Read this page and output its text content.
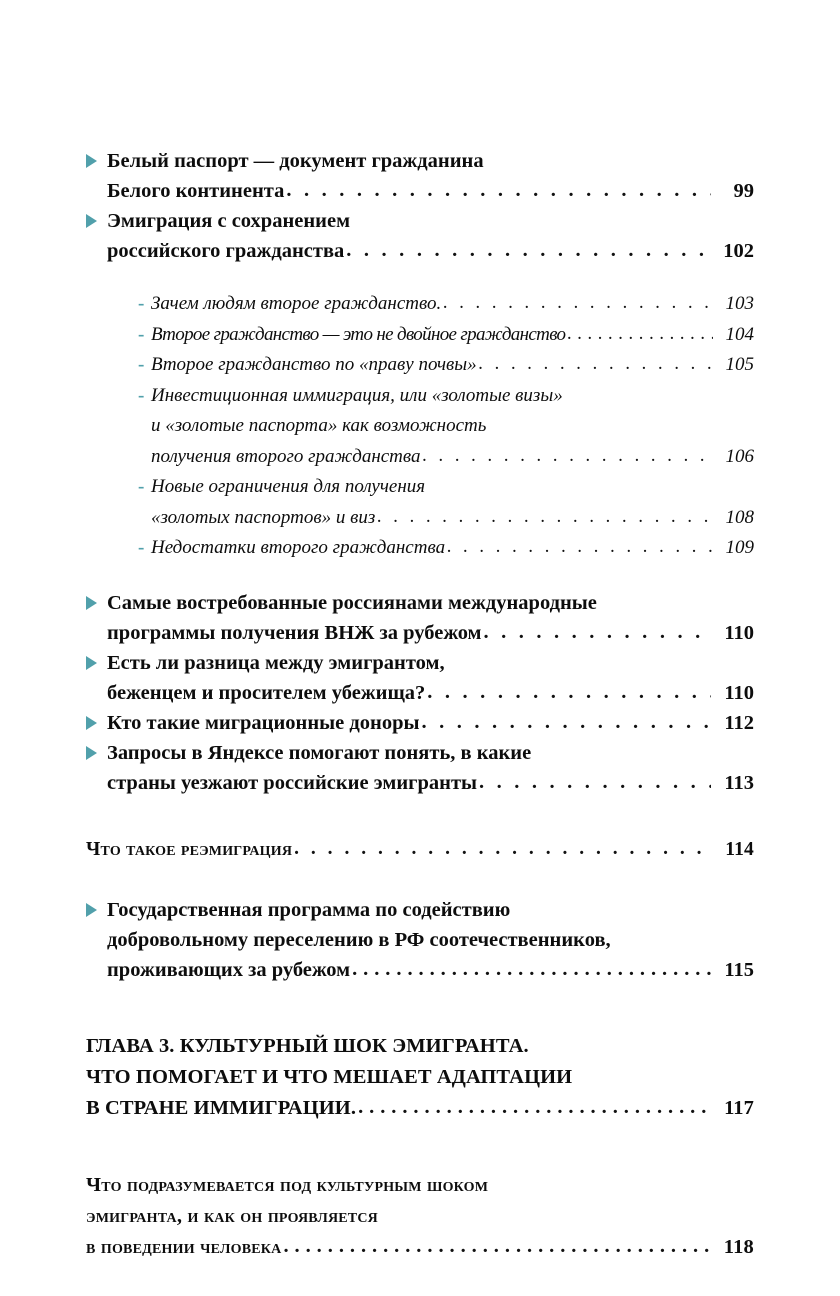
Белый паспорт — документ гражданина
Белого континента . . .	99
Эмиграция с сохранением
российского гражданства . . .	102
- Зачем людям второе гражданство. . . .	103
- Второе гражданство — это не двойное гражданство . . .	104
- Второе гражданство по «праву почвы» . . .	105
- Инвестиционная иммиграция, или «золотые визы»
и «золотые паспорта» как возможность
получения второго гражданства . . .	106
- Новые ограничения для получения
«золотых паспортов» и виз . . .	108
- Недостатки второго гражданства . . .	109
Самые востребованные россиянами международные
программы получения ВНЖ за рубежом . . .	110
Есть ли разница между эмигрантом,
беженцем и просителем убежища? . . .	110
Кто такие миграционные доноры . . .	112
Запросы в Яндексе помогают понять, в какие
страны уезжают российские эмигранты . . .	113
Что такое реэмиграция . . .	114
Государственная программа по содействию
добровольному переселению в РФ соотечественников,
проживающих за рубежом . . .	115
ГЛАВА 3. КУЛЬТУРНЫЙ ШОК ЭМИГРАНТА.
ЧТО ПОМОГАЕТ И ЧТО МЕШАЕТ АДАПТАЦИИ
В СТРАНЕ ИММИГРАЦИИ. . . .	117
Что подразумевается под культурным шоком
эмигранта, и как он проявляется
в поведении человека . . .	118
